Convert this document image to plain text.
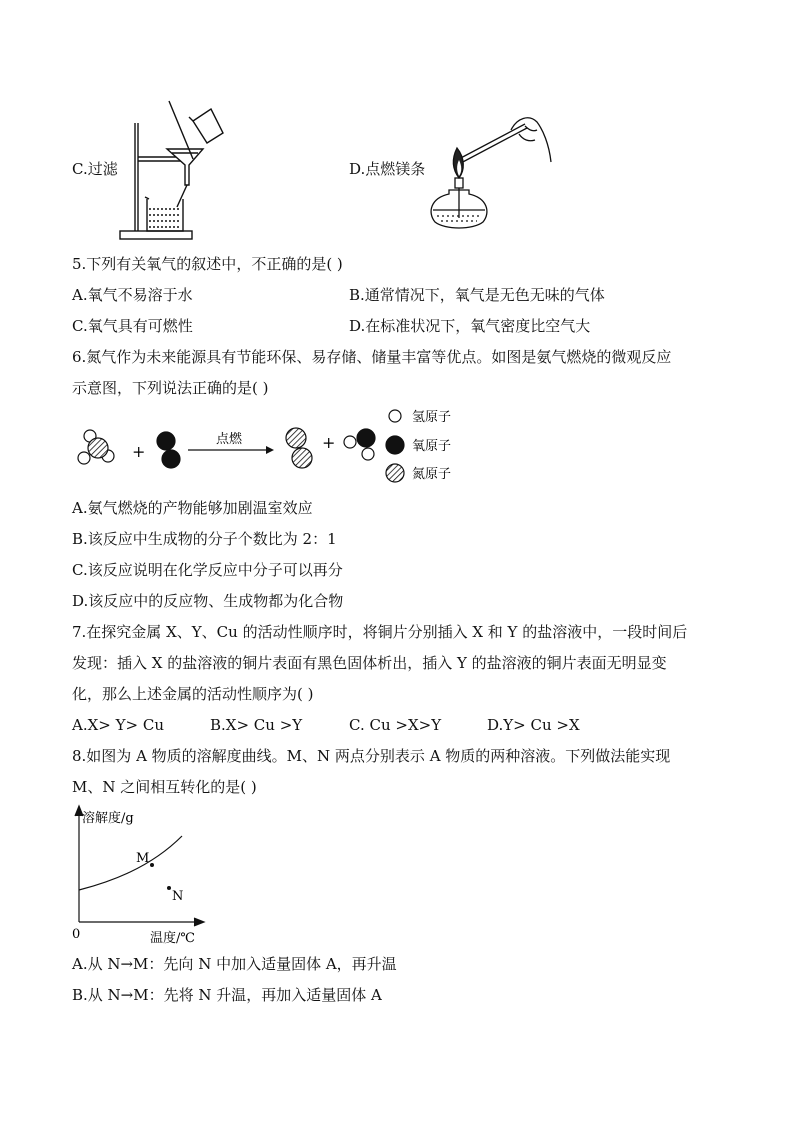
C.过滤	D.点燃镁条
5.下列有关氧气的叙述中，不正确的是( )
A.氧气不易溶于水	B.通常情况下，氧气是无色无味的气体
C.氧气具有可燃性	D.在标准状况下，氧气密度比空气大
6.氮气作为未来能源具有节能环保、易存储、储量丰富等优点。如图是氨气燃烧的微观反应
示意图，下列说法正确的是( )
+
点燃	+
氢原子
氧原子
氮原子
A.氨气燃烧的产物能够加剧温室效应
B.该反应中生成物的分子个数比为 2：1
C.该反应说明在化学反应中分子可以再分
D.该反应中的反应物、生成物都为化合物
7.在探究金属 X、Y、Cu 的活动性顺序时，将铜片分别插入 X 和 Y 的盐溶液中，一段时间后
发现：插入 X 的盐溶液的铜片表面有黑色固体析出，插入 Y 的盐溶液的铜片表面无明显变
化，那么上述金属的活动性顺序为( )
A.X> Y> Cu	B.X> Cu >Y	C. Cu >X>Y	D.Y> Cu >X
8.如图为 A 物质的溶解度曲线。M、N 两点分别表示 A 物质的两种溶液。下列做法能实现
M、N 之间相互转化的是( )
溶解度/g
M
N
0	温度/℃
A.从 N→M：先向 N 中加入适量固体 A，再升温
B.从 N→M：先将 N 升温，再加入适量固体 A
